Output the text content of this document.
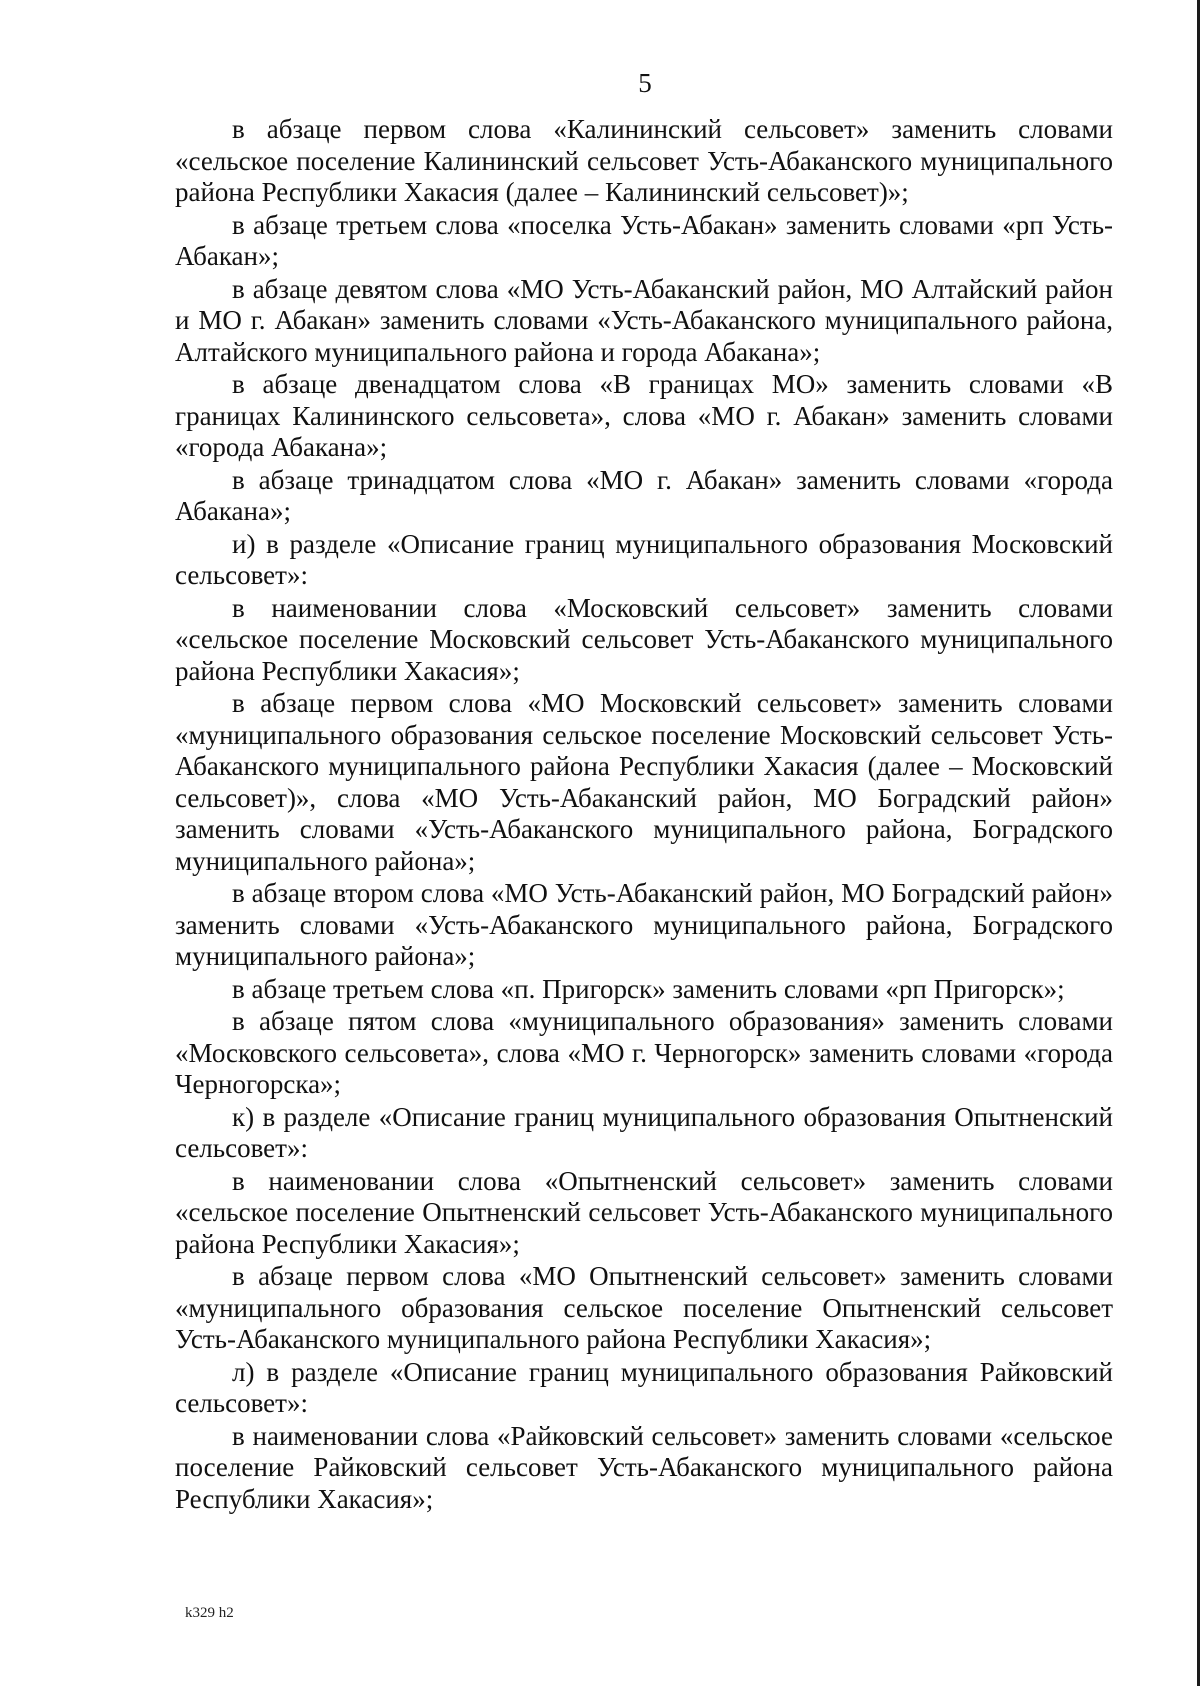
5

в абзаце первом слова «Калининский сельсовет» заменить словами «сельское поселение Калининский сельсовет Усть-Абаканского муниципального района Республики Хакасия (далее – Калининский сельсовет)»;

в абзаце третьем слова «поселка Усть-Абакан» заменить словами «рп Усть-Абакан»;

в абзаце девятом слова «МО Усть-Абаканский район, МО Алтайский район и МО г. Абакан» заменить словами «Усть-Абаканского муниципального района, Алтайского муниципального района и города Абакана»;

в абзаце двенадцатом слова «В границах МО» заменить словами «В границах Калининского сельсовета», слова «МО г. Абакан» заменить словами «города Абакана»;

в абзаце тринадцатом слова «МО г. Абакан» заменить словами «города Абакана»;

и) в разделе «Описание границ муниципального образования Московский сельсовет»:

в наименовании слова «Московский сельсовет» заменить словами «сельское поселение Московский сельсовет Усть-Абаканского муниципального района Республики Хакасия»;

в абзаце первом слова «МО Московский сельсовет» заменить словами «муниципального образования сельское поселение Московский сельсовет Усть-Абаканского муниципального района Республики Хакасия (далее – Московский сельсовет)», слова «МО Усть-Абаканский район, МО Боградский район» заменить словами «Усть-Абаканского муниципального района, Боградского муниципального района»;

в абзаце втором слова «МО Усть-Абаканский район, МО Боградский район» заменить словами «Усть-Абаканского муниципального района, Боградского муниципального района»;

в абзаце третьем слова «п. Пригорск» заменить словами «рп Пригорск»;

в абзаце пятом слова «муниципального образования» заменить словами «Московского сельсовета», слова «МО г. Черногорск» заменить словами «города Черногорска»;

к) в разделе «Описание границ муниципального образования Опытненский сельсовет»:

в наименовании слова «Опытненский сельсовет» заменить словами «сельское поселение Опытненский сельсовет Усть-Абаканского муниципального района Республики Хакасия»;

в абзаце первом слова «МО Опытненский сельсовет» заменить словами «муниципального образования сельское поселение Опытненский сельсовет Усть-Абаканского муниципального района Республики Хакасия»;

л) в разделе «Описание границ муниципального образования Райковский сельсовет»:

в наименовании слова «Райковский сельсовет» заменить словами «сельское поселение Райковский сельсовет Усть-Абаканского муниципального района Республики Хакасия»;

k329 h2
